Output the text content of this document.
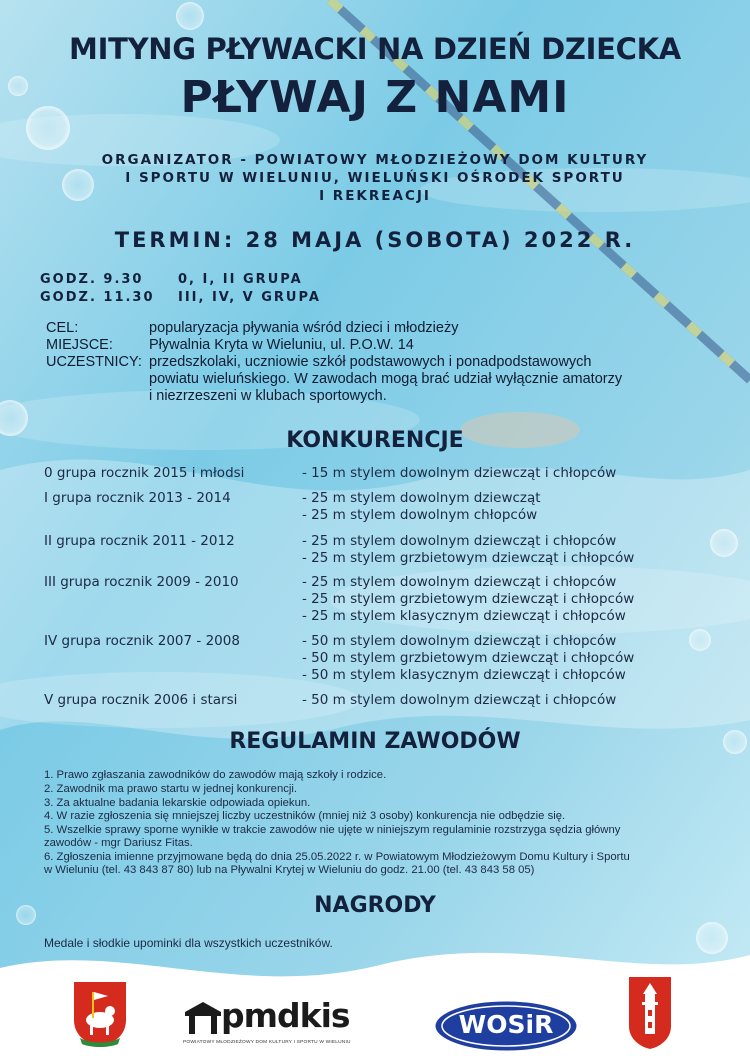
MITYNG PŁYWACKI NA DZIEŃ DZIECKA
PŁYWAJ Z NAMI
ORGANIZATOR - POWIATOWY MŁODZIEŻOWY DOM KULTURY
I SPORTU W WIELUNIU, WIELUŃSKI OŚRODEK SPORTU
I REKREACJI
TERMIN: 28 MAJA (SOBOTA) 2022 R.
GODZ. 9.30	0, I, II GRUPA
GODZ. 11.30 III, IV, V GRUPA
CEL:	popularyzacja pływania wśród dzieci i młodzieży
MIEJSCE: Pływalnia Kryta w Wieluniu, ul. P.O.W. 14
UCZESTNICY: przedszkolaki, uczniowie szkół podstawowych i ponadpodstawowych
powiatu wieluńskiego. W zawodach mogą brać udział wyłącznie amatorzy
i niezrzeszeni w klubach sportowych.
KONKURENCJE
0 grupa rocznik 2015 i młodsi	- 15 m stylem dowolnym dziewcząt i chłopców
I grupa rocznik 2013 - 2014	- 25 m stylem dowolnym dziewcząt
- 25 m stylem dowolnym chłopców
II grupa rocznik 2011 - 2012	- 25 m stylem dowolnym dziewcząt i chłopców
- 25 m stylem grzbietowym dziewcząt i chłopców
III grupa rocznik 2009 - 2010	- 25 m stylem dowolnym dziewcząt i chłopców
- 25 m stylem grzbietowym dziewcząt i chłopców
- 25 m stylem klasycznym dziewcząt i chłopców
IV grupa rocznik 2007 - 2008	- 50 m stylem dowolnym dziewcząt i chłopców
- 50 m stylem grzbietowym dziewcząt i chłopców
- 50 m stylem klasycznym dziewcząt i chłopców
V grupa rocznik 2006 i starsi	- 50 m stylem dowolnym dziewcząt i chłopców
REGULAMIN ZAWODÓW
1. Prawo zgłaszania zawodników do zawodów mają szkoły i rodzice.
2. Zawodnik ma prawo startu w jednej konkurencji.
3. Za aktualne badania lekarskie odpowiada opiekun.
4. W razie zgłoszenia się mniejszej liczby uczestników (mniej niż 3 osoby) konkurencja nie odbędzie się.
5. Wszelkie sprawy sporne wynikłe w trakcie zawodów nie ujęte w niniejszym regulaminie rozstrzyga sędzia główny
zawodów - mgr Dariusz Fitas.
6. Zgłoszenia imienne przyjmowane będą do dnia 25.05.2022 r. w Powiatowym Młodzieżowym Domu Kultury i Sportu
w Wieluniu (tel. 43 843 87 80) lub na Pływalni Krytej w Wieluniu do godz. 21.00 (tel. 43 843 58 05)
NAGRODY
Medale i słodkie upominki dla wszystkich uczestników.
pmdkis
POWIATOWY MŁODZIEŻOWY DOM KULTURY I SPORTU W WIELUNIU
WOSiR
